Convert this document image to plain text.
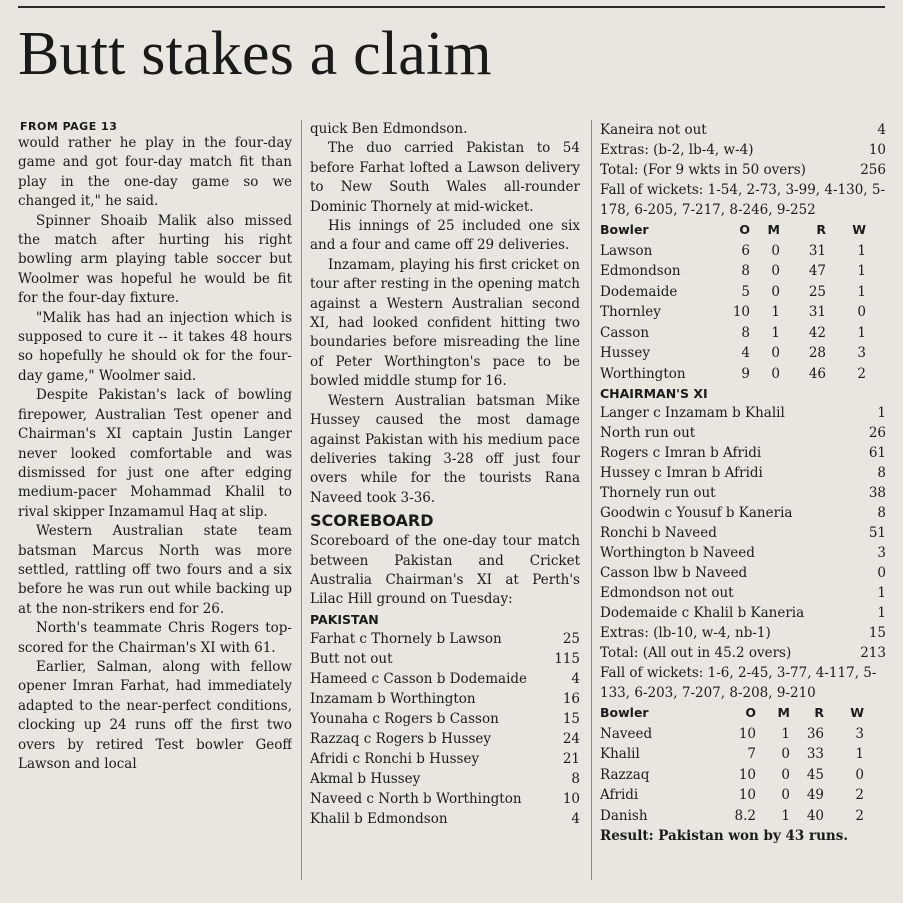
Butt stakes a claim
FROM PAGE 13

would rather he play in the four-day game and got four-day match fit than play in the one-day game so we changed it," he said.

Spinner Shoaib Malik also missed the match after hurting his right bowling arm playing table soccer but Woolmer was hopeful he would be fit for the four-day fixture.

"Malik has had an injection which is supposed to cure it -- it takes 48 hours so hopefully he should ok for the four-day game," Woolmer said.

Despite Pakistan's lack of bowling firepower, Australian Test opener and Chairman's XI captain Justin Langer never looked comfortable and was dismissed for just one after edging medium-pacer Mohammad Khalil to rival skipper Inzamamul Haq at slip.

Western Australian state team batsman Marcus North was more settled, rattling off two fours and a six before he was run out while backing up at the non-strikers end for 26.

North's teammate Chris Rogers top-scored for the Chairman's XI with 61.

Earlier, Salman, along with fellow opener Imran Farhat, had immediately adapted to the near-perfect conditions, clocking up 24 runs off the first two overs by retired Test bowler Geoff Lawson and local

quick Ben Edmondson.

The duo carried Pakistan to 54 before Farhat lofted a Lawson delivery to New South Wales all-rounder Dominic Thornely at mid-wicket.

His innings of 25 included one six and a four and came off 29 deliveries.

Inzamam, playing his first cricket on tour after resting in the opening match against a Western Australian second XI, had looked confident hitting two boundaries before misreading the line of Peter Worthington's pace to be bowled middle stump for 16.

Western Australian batsman Mike Hussey caused the most damage against Pakistan with his medium pace deliveries taking 3-28 off just four overs while for the tourists Rana Naveed took 3-36.

SCOREBOARD

Scoreboard of the one-day tour match between Pakistan and Cricket Australia Chairman's XI at Perth's Lilac Hill ground on Tuesday:

PAKISTAN
Farhat c Thornely b Lawson	25
Butt not out	115
Hameed c Casson b Dodemaide	4
Inzamam b Worthington	16
Younaha c Rogers b Casson	15
Razzaq c Rogers b Hussey	24
Afridi c Ronchi b Hussey	21
Akmal b Hussey	8
Naveed c North b Worthington	10
Khalil b Edmondson	4
Kaneira not out	4
Extras: (b-2, lb-4, w-4)	10
Total: (For 9 wkts in 50 overs)	256
Fall of wickets: 1-54, 2-73, 3-99, 4-130, 5-178, 6-205, 7-217, 8-246, 9-252
Bowler	O	M	R	W
Lawson	6	0	31	1
Edmondson	8	0	47	1
Dodemaide	5	0	25	1
Thornley	10	1	31	0
Casson	8	1	42	1
Hussey	4	0	28	3
Worthington	9	0	46	2
CHAIRMAN'S XI
Langer c Inzamam b Khalil	1
North run out	26
Rogers c Imran b Afridi	61
Hussey c Imran b Afridi	8
Thornely run out	38
Goodwin c Yousuf b Kaneria	8
Ronchi b Naveed	51
Worthington b Naveed	3
Casson lbw b Naveed	0
Edmondson not out	1
Dodemaide c Khalil b Kaneria	1
Extras: (lb-10, w-4, nb-1)	15
Total: (All out in 45.2 overs)	213
Fall of wickets: 1-6, 2-45, 3-77, 4-117, 5-133, 6-203, 7-207, 8-208, 9-210
Bowler	O	M	R	W
Naveed	10	1	36	3
Khalil	7	0	33	1
Razzaq	10	0	45	0
Afridi	10	0	49	2
Danish	8.2	1	40	2
Result: Pakistan won by 43 runs.
